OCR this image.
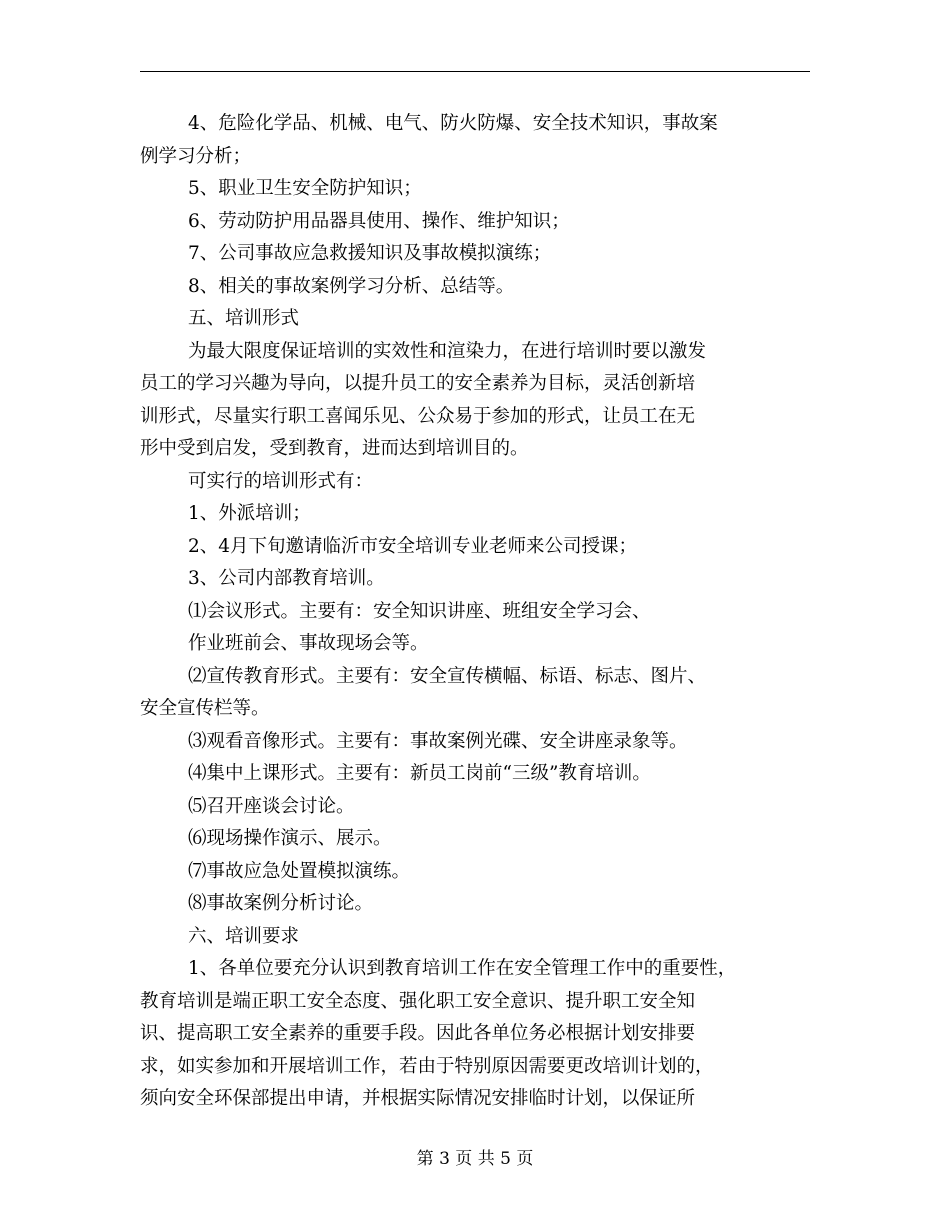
4、危险化学品、机械、电气、防火防爆、安全技术知识，事故案
例学习分析；
5、职业卫生安全防护知识；
6、劳动防护用品器具使用、操作、维护知识；
7、公司事故应急救援知识及事故模拟演练；
8、相关的事故案例学习分析、总结等。
五、培训形式
为最大限度保证培训的实效性和渲染力，在进行培训时要以激发
员工的学习兴趣为导向，以提升员工的安全素养为目标，灵活创新培
训形式，尽量实行职工喜闻乐见、公众易于参加的形式，让员工在无
形中受到启发，受到教育，进而达到培训目的。
可实行的培训形式有：
1、外派培训；
2、4月下旬邀请临沂市安全培训专业老师来公司授课；
3、公司内部教育培训。
⑴会议形式。主要有：安全知识讲座、班组安全学习会、
作业班前会、事故现场会等。
⑵宣传教育形式。主要有：安全宣传横幅、标语、标志、图片、
安全宣传栏等。
⑶观看音像形式。主要有：事故案例光碟、安全讲座录象等。
⑷集中上课形式。主要有：新员工岗前“三级”教育培训。
⑸召开座谈会讨论。
⑹现场操作演示、展示。
⑺事故应急处置模拟演练。
⑻事故案例分析讨论。
六、培训要求
1、各单位要充分认识到教育培训工作在安全管理工作中的重要性，
教育培训是端正职工安全态度、强化职工安全意识、提升职工安全知
识、提高职工安全素养的重要手段。因此各单位务必根据计划安排要
求，如实参加和开展培训工作，若由于特别原因需要更改培训计划的，
须向安全环保部提出申请，并根据实际情况安排临时计划，以保证所
第 3 页 共 5 页
